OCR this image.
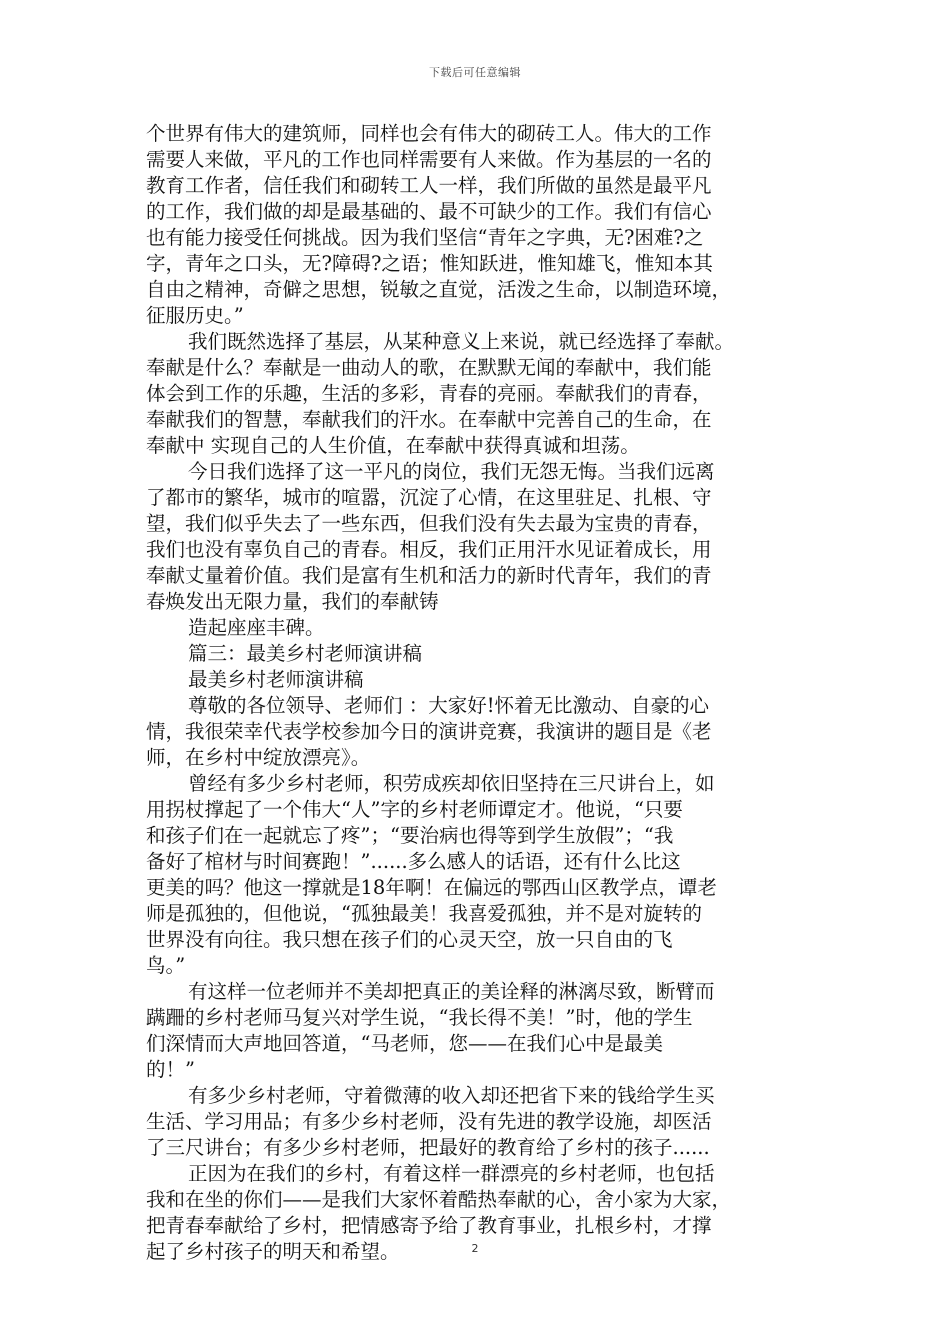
下载后可任意编辑
个世界有伟大的建筑师，同样也会有伟大的砌砖工人。伟大的工作
需要人来做，平凡的工作也同样需要有人来做。作为基层的一名的
教育工作者，信任我们和砌转工人一样，我们所做的虽然是最平凡
的工作，我们做的却是最基础的、最不可缺少的工作。我们有信心
也有能力接受任何挑战。因为我们坚信“青年之字典，无?困难?之
字，青年之口头，无?障碍?之语；惟知跃进，惟知雄飞，惟知本其
自由之精神，奇僻之思想，锐敏之直觉，活泼之生命，以制造环境，
征服历史。”
我们既然选择了基层，从某种意义上来说，就已经选择了奉献。
奉献是什么？奉献是一曲动人的歌，在默默无闻的奉献中，我们能
体会到工作的乐趣，生活的多彩，青春的亮丽。奉献我们的青春，
奉献我们的智慧，奉献我们的汗水。在奉献中完善自己的生命，在
奉献中 实现自己的人生价值，在奉献中获得真诚和坦荡。
今日我们选择了这一平凡的岗位，我们无怨无悔。当我们远离
了都市的繁华，城市的喧嚣，沉淀了心情，在这里驻足、扎根、守
望，我们似乎失去了一些东西，但我们没有失去最为宝贵的青春，
我们也没有辜负自己的青春。相反，我们正用汗水见证着成长，用
奉献丈量着价值。我们是富有生机和活力的新时代青年，我们的青
春焕发出无限力量，我们的奉献铸
造起座座丰碑。
篇三：最美乡村老师演讲稿
最美乡村老师演讲稿
尊敬的各位领导、老师们 ：大家好!怀着无比激动、自豪的心
情，我很荣幸代表学校参加今日的演讲竞赛，我演讲的题目是《老
师，在乡村中绽放漂亮》。
曾经有多少乡村老师，积劳成疾却依旧坚持在三尺讲台上，如
用拐杖撑起了一个伟大“人”字的乡村老师谭定才。他说，“只要
和孩子们在一起就忘了疼”；“要治病也得等到学生放假”；“我
备好了棺材与时间赛跑！”......多么感人的话语，还有什么比这
更美的吗？他这一撑就是18年啊！在偏远的鄂西山区教学点，谭老
师是孤独的，但他说，“孤独最美！我喜爱孤独，并不是对旋转的
世界没有向往。我只想在孩子们的心灵天空，放一只自由的飞
鸟。”
有这样一位老师并不美却把真正的美诠释的淋漓尽致，断臂而
蹒跚的乡村老师马复兴对学生说，“我长得不美！”时，他的学生
们深情而大声地回答道，“马老师，您——在我们心中是最美
的！”
有多少乡村老师，守着微薄的收入却还把省下来的钱给学生买
生活、学习用品；有多少乡村老师，没有先进的教学设施，却医活
了三尺讲台；有多少乡村老师，把最好的教育给了乡村的孩子......
正因为在我们的乡村，有着这样一群漂亮的乡村老师，也包括
我和在坐的你们——是我们大家怀着酷热奉献的心，舍小家为大家，
把青春奉献给了乡村，把情感寄予给了教育事业，扎根乡村，才撑
起了乡村孩子的明天和希望。	2
